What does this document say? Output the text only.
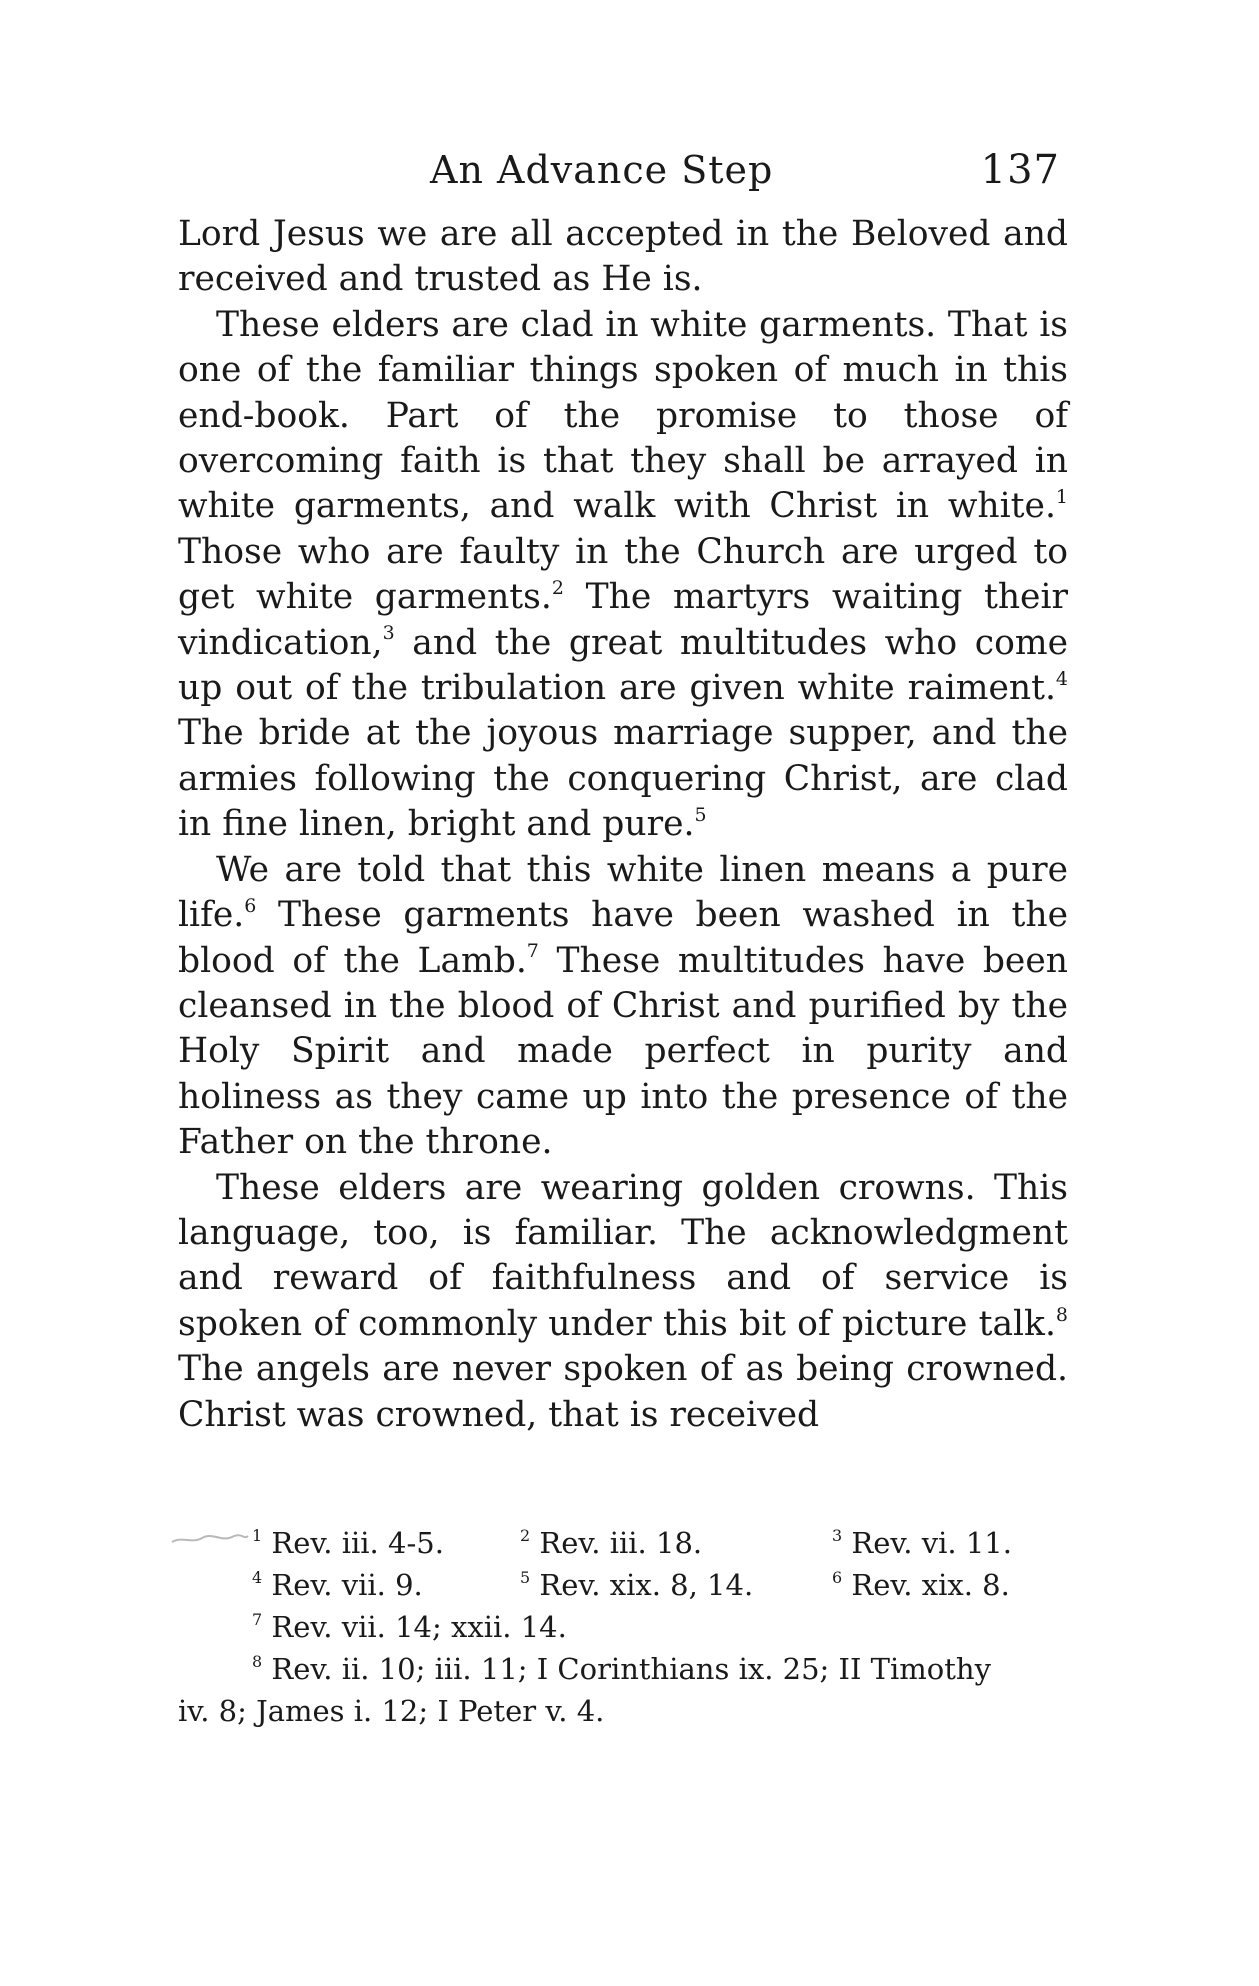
An Advance Step	137

Lord Jesus we are all accepted in the Beloved and received and trusted as He is.

These elders are clad in white garments. That is one of the familiar things spoken of much in this end-book. Part of the promise to those of overcoming faith is that they shall be arrayed in white garments, and walk with Christ in white.$^1$ Those who are faulty in the Church are urged to get white garments.$^2$ The martyrs waiting their vindication,$^3$ and the great multitudes who come up out of the tribulation are given white raiment.$^4$ The bride at the joyous marriage supper, and the armies following the conquering Christ, are clad in fine linen, bright and pure.$^5$

We are told that this white linen means a pure life.$^6$ These garments have been washed in the blood of the Lamb.$^7$ These multitudes have been cleansed in the blood of Christ and purified by the Holy Spirit and made perfect in purity and holiness as they came up into the presence of the Father on the throne.

These elders are wearing golden crowns. This language, too, is familiar. The acknowledgment and reward of faithfulness and of service is spoken of commonly under this bit of picture talk.$^8$ The angels are never spoken of as being crowned. Christ was crowned, that is received

$^1$ Rev. iii. 4-5.	$^2$ Rev. iii. 18.	$^3$ Rev. vi. 11.
$^4$ Rev. vii. 9.	$^5$ Rev. xix. 8, 14.	$^6$ Rev. xix. 8.
$^7$ Rev. vii. 14; xxii. 14.
$^8$ Rev. ii. 10; iii. 11; I Corinthians ix. 25; II Timothy
iv. 8; James i. 12; I Peter v. 4.
